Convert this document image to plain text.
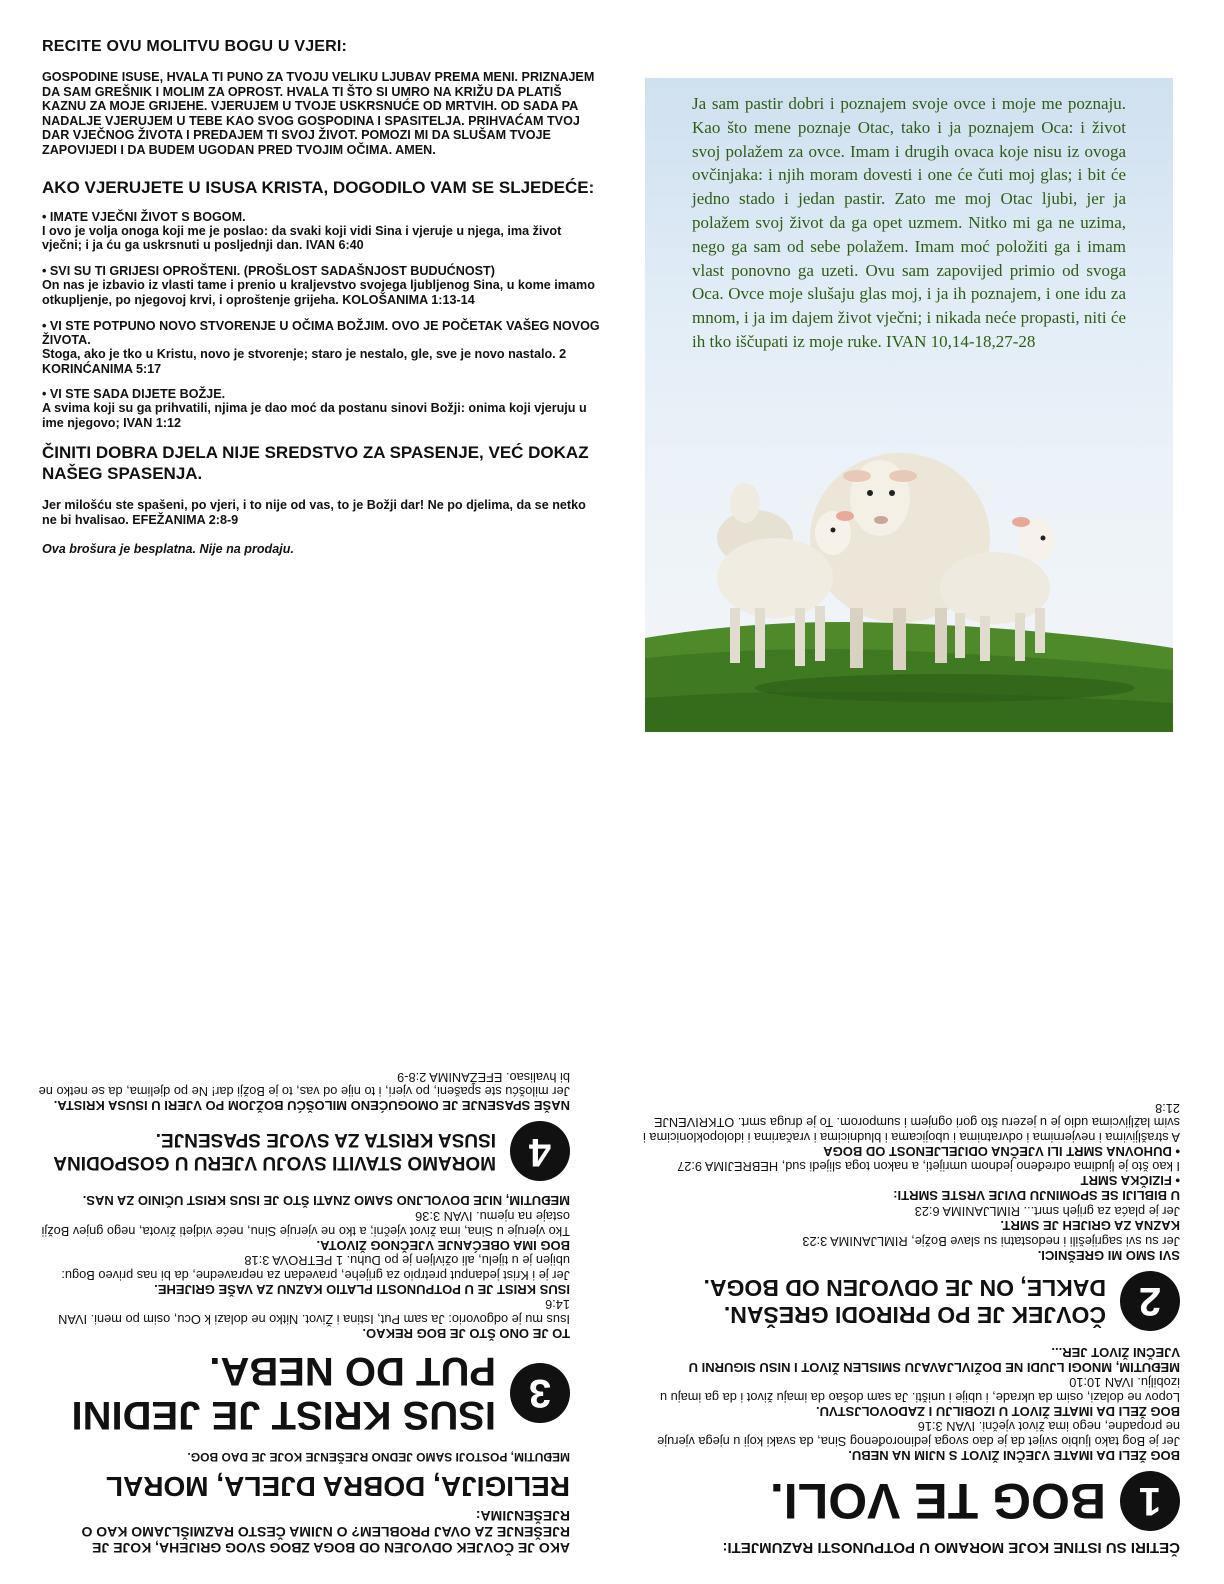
RECITE OVU MOLITVU BOGU U VJERI:

GOSPODINE ISUSE, HVALA TI PUNO ZA TVOJU VELIKU LJUBAV PREMA MENI. PRIZNAJEM DA SAM GREŠNIK I MOLIM ZA OPROST. HVALA TI ŠTO SI UMRO NA KRIŽU DA PLATIŠ KAZNU ZA MOJE GRIJEHE. VJERUJEM U TVOJE USKRSNUĆE OD MRTVIH. OD SADA PA NADALJE VJERUJEM U TEBE KAO SVOG GOSPODINA I SPASITELJA. PRIHVAĆAM TVOJ DAR VJEČNOG ŽIVOTA I PREDAJEM TI SVOJ ŽIVOT. POMOZI MI DA SLUŠAM TVOJE ZAPOVIJEDI I DA BUDEM UGODAN PRED TVOJIM OČIMA. AMEN.

AKO VJERUJETE U ISUSA KRISTA, DOGODILO VAM SE SLJEDEĆE:

• IMATE VJEČNI ŽIVOT S BOGOM.
I ovo je volja onoga koji me je poslao: da svaki koji vidi Sina i vjeruje u njega, ima život vječni; i ja ću ga uskrsnuti u posljednji dan. IVAN 6:40
• SVI SU TI GRIJESI OPROŠTENI. (PROŠLOST SADAŠNJOST BUDUĆNOST)
On nas je izbavio iz vlasti tame i prenio u kraljevstvo svojega ljubljenog Sina, u kome imamo otkupljenje, po njegovoj krvi, i oproštenje grijeha. KOLOŠANIMA 1:13-14
• VI STE POTPUNO NOVO STVORENJE U OČIMA BOŽJIM. OVO JE POČETAK VAŠEG NOVOG ŽIVOTA.
Stoga, ako je tko u Kristu, novo je stvorenje; staro je nestalo, gle, sve je novo nastalo. 2 KORINĆANIMA 5:17
• VI STE SADA DIJETE BOŽJE.
A svima koji su ga prihvatili, njima je dao moć da postanu sinovi Božji: onima koji vjeruju u ime njegovo; IVAN 1:12

ČINITI DOBRA DJELA NIJE SREDSTVO ZA SPASENJE, VEĆ DOKAZ NAŠEG SPASENJA.

Jer milošću ste spašeni, po vjeri, i to nije od vas, to je Božji dar! Ne po djelima, da se netko ne bi hvalisao. EFEŽANIMA 2:8-9

Ova brošura je besplatna. Nije na prodaju.

Ja sam pastir dobri i poznajem svoje ovce i moje me poznaju. Kao što mene poznaje Otac, tako i ja poznajem Oca: i život svoj polažem za ovce. Imam i drugih ovaca koje nisu iz ovoga ovčinjaka: i njih moram dovesti i one će čuti moj glas; i bit će jedno stado i jedan pastir. Zato me moj Otac ljubi, jer ja polažem svoj život da ga opet uzmem. Nitko mi ga ne uzima, nego ga sam od sebe polažem. Imam moć položiti ga i imam vlast ponovno ga uzeti. Ovu sam zapovijed primio od svoga Oca. Ovce moje slušaju glas moj, i ja ih poznajem, i one idu za mnom, i ja im dajem život vječni; i nikada neće propasti, niti će ih tko iščupati iz moje ruke. IVAN 10,14-18,27-28

ČETIRI SU ISTINE KOJE MORAMO U POTPUNOSTI RAZUMJETI:

1
BOG TE VOLI.

BOG ŽELI DA IMATE VJEČNI ŽIVOT S NJIM NA NEBU.

Jer je Bog tako ljubio svijet da je dao svoga jedinorođenog Sina, da svaki koji u njega vjeruje ne propadne, nego ima život vječni. IVAN 3:16

BOG ŽELI DA IMATE ŽIVOT U IZOBILJU I ZADOVOLJSTVU.

Lopov ne dolazi, osim da ukrade, i ubije i uništi. Ja sam došao da imaju život i da ga imaju u izobilju. IVAN 10:10

MEĐUTIM, MNOGI LJUDI NE DOŽIVLJAVAJU SMISLEN ŽIVOT I NISU SIGURNI U VJEČNI ŽIVOT JER...

2
ČOVJEK JE PO PRIRODI GREŠAN. DAKLE, ON JE ODVOJEN OD BOGA.

SVI SMO MI GREŠNICI.

Jer su svi sagriješili i nedostatni su slave Božje, RIMLJANIMA 3:23

KAZNA ZA GRIJEH JE SMRT.

Jer je plaća za grijeh smrt... RIMLJANIMA 6:23

U BIBLIJI SE SPOMINJU DVIJE VRSTE SMRTI:

• FIZIČKA SMRT

I kao što je ljudima određeno jednom umrijeti, a nakon toga slijedi sud, HEBREJIMA 9:27

• DUHOVNA SMRT ILI VJEČNA ODIJELJENOST OD BOGA

A strašljivima i nevjernima i odvratnima i ubojicama i bludnicima i vračarima i idolopoklonicima i svim lažljivcima udio je u jezeru što gori ognjem i sumporom. To je druga smrt. OTKRIVENJE 21:8

AKO JE ČOVJEK ODVOJEN OD BOGA ZBOG SVOG GRIJEHA, KOJE JE RJEŠENJE ZA OVAJ PROBLEM? O NJIMA ČESTO RAZMIŠLJAMO KAO O RJEŠENJIMA:

RELIGIJA, DOBRA DJELA, MORAL

MEĐUTIM, POSTOJI SAMO JEDNO RJEŠENJE KOJE JE DAO BOG.

3
ISUS KRIST JE JEDINI PUT DO NEBA.

TO JE ONO ŠTO JE BOG REKAO.

Isus mu je odgovorio: Ja sam Put, Istina i Život. Nitko ne dolazi k Ocu, osim po meni. IVAN 14:6

ISUS KRIST JE U POTPUNOSTI PLATIO KAZNU ZA VAŠE GRIJEHE.

Jer je i Krist jedanput pretrpio za grijehe, pravedan za nepravedne, da bi nas priveo Bogu: ubijen je u tijelu, ali oživljen je po Duhu. 1 PETROVA 3:18

BOG IMA OBEĆANJE VJEČNOG ŽIVOTA.

Tko vjeruje u Sina, ima život vječni; a tko ne vjeruje Sinu, neće vidjeti života, nego gnjev Božji ostaje na njemu. IVAN 3:36

MEĐUTIM, NIJE DOVOLJNO SAMO ZNATI ŠTO JE ISUS KRIST UČINIO ZA NAS.

4
MORAMO STAVITI SVOJU VJERU U GOSPODINA ISUSA KRISTA ZA SVOJE SPASENJE.

NAŠE SPASENJE JE OMOGUĆENO MILOŠĆU BOŽJOM PO VJERI U ISUSA KRISTA.

Jer milošću ste spašeni, po vjeri, i to nije od vas, to je Božji dar! Ne po djelima, da se netko ne bi hvalisao. EFEŽANIMA 2:8-9
